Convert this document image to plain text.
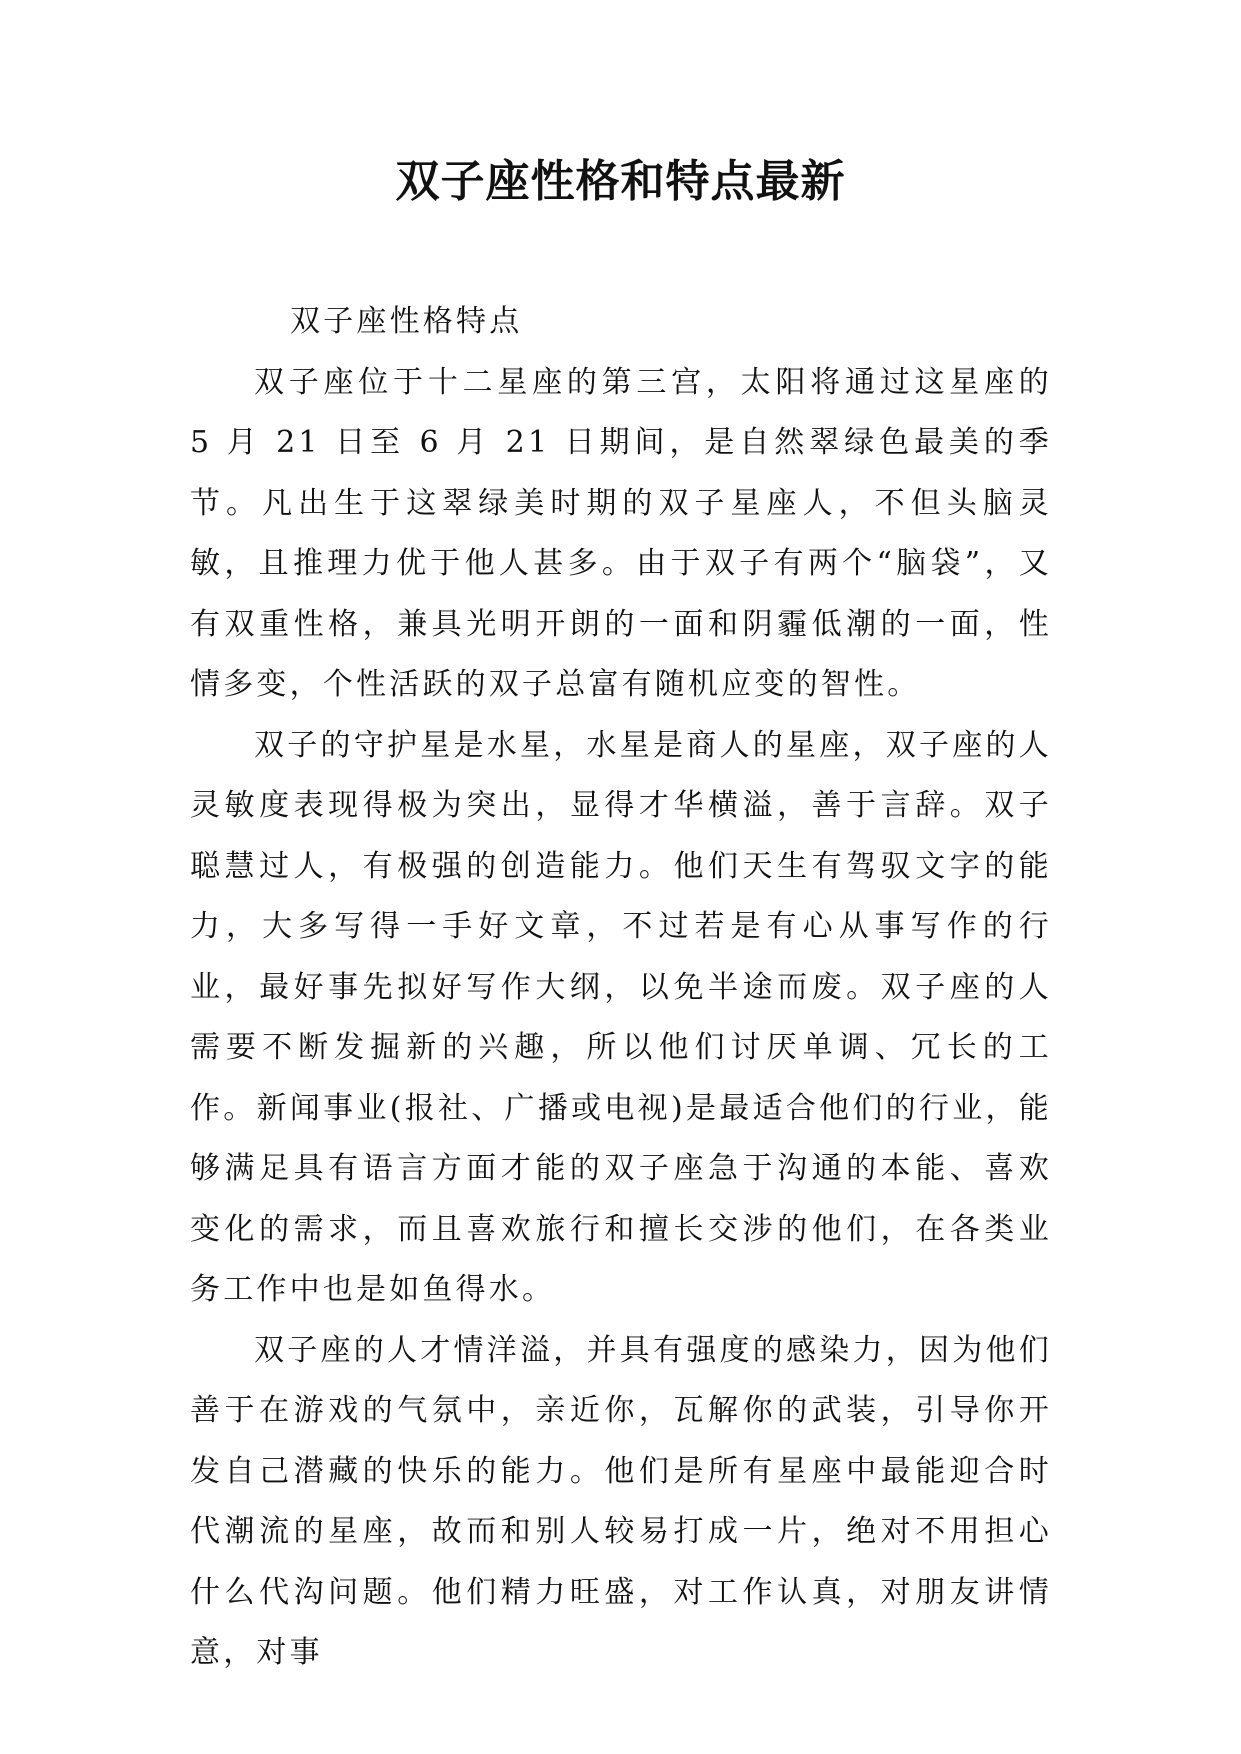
双子座性格和特点最新

双子座性格特点

双子座位于十二星座的第三宫，太阳将通过这星座的 5 月 21 日至 6 月 21 日期间，是自然翠绿色最美的季节。凡出生于这翠绿美时期的双子星座人，不但头脑灵敏，且推理力优于他人甚多。由于双子有两个“脑袋”，又有双重性格，兼具光明开朗的一面和阴霾低潮的一面，性情多变，个性活跃的双子总富有随机应变的智性。

双子的守护星是水星，水星是商人的星座，双子座的人灵敏度表现得极为突出，显得才华横溢，善于言辞。双子聪慧过人，有极强的创造能力。他们天生有驾驭文字的能力，大多写得一手好文章，不过若是有心从事写作的行业，最好事先拟好写作大纲，以免半途而废。双子座的人需要不断发掘新的兴趣，所以他们讨厌单调、冗长的工作。新闻事业(报社、广播或电视)是最适合他们的行业，能够满足具有语言方面才能的双子座急于沟通的本能、喜欢变化的需求，而且喜欢旅行和擅长交涉的他们，在各类业务工作中也是如鱼得水。

双子座的人才情洋溢，并具有强度的感染力，因为他们善于在游戏的气氛中，亲近你，瓦解你的武装，引导你开发自己潜藏的快乐的能力。他们是所有星座中最能迎合时代潮流的星座，故而和别人较易打成一片，绝对不用担心什么代沟问题。他们精力旺盛，对工作认真，对朋友讲情意，对事
